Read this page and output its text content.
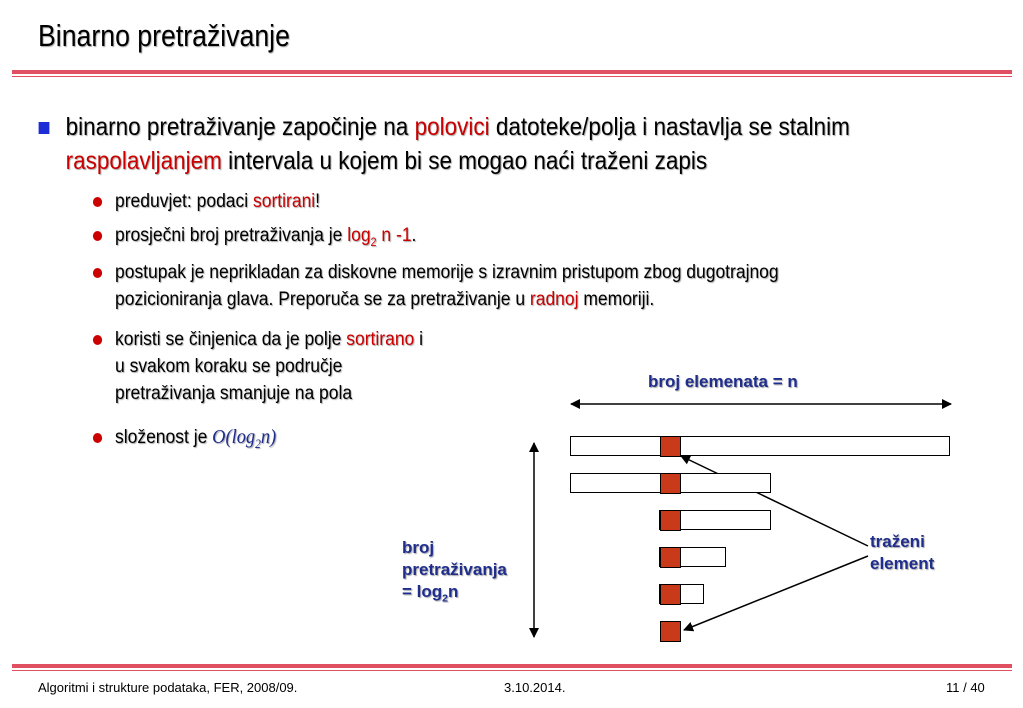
Binarno pretraživanje
binarno pretraživanje započinje na polovici datoteke/polja i nastavlja se stalnim raspolavljanjem intervala u kojem bi se mogao naći traženi zapis
preduvjet: podaci sortirani!
prosječni broj pretraživanja je $\log_2 n$ -1.
postupak je neprikladan za diskovne memorije s izravnim pristupom zbog dugotrajnog
pozicioniranja glava. Preporuča se za pretraživanje u radnoj memoriji.
koristi se činjenica da je polje sortirano i
u svakom koraku se područje
pretraživanja smanjuje na pola
složenost je $O(\log_2n)$
broj elemenata = n
broj
pretraživanja
= $\log_2n$
traženi
element
Algoritmi i strukture podataka, FER, 2008/09.	3.10.2014.	11 / 40
